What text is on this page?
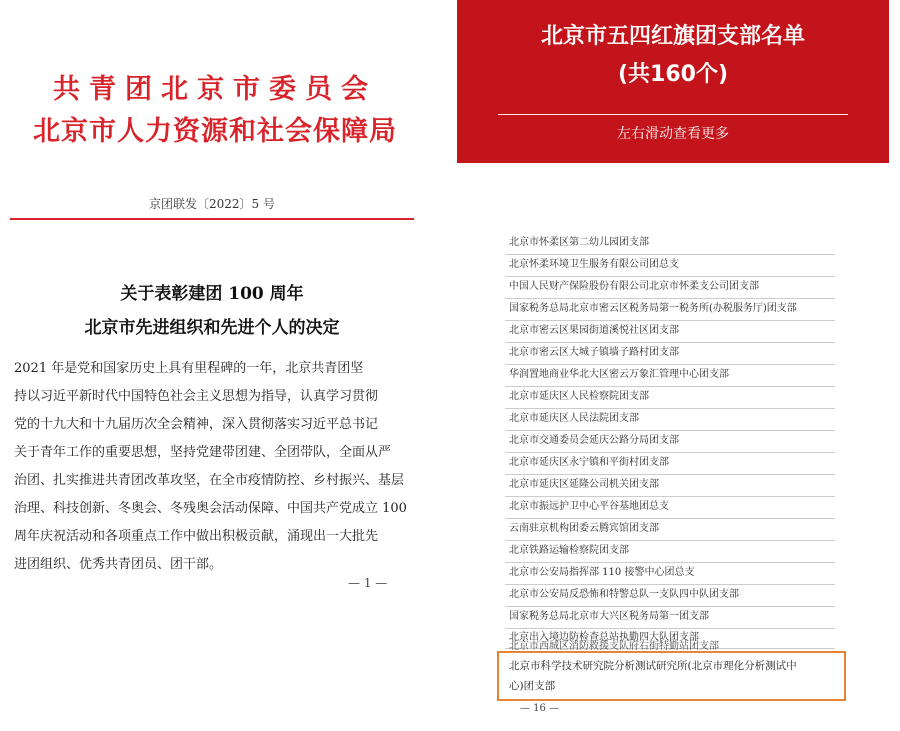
共青团北京市委员会
北京市人力资源和社会保障局
京团联发〔2022〕5 号
关于表彰建团 100 周年
北京市先进组织和先进个人的决定
2021 年是党和国家历史上具有里程碑的一年，北京共青团坚
持以习近平新时代中国特色社会主义思想为指导，认真学习贯彻
党的十九大和十九届历次全会精神，深入贯彻落实习近平总书记
关于青年工作的重要思想，坚持党建带团建、全团带队，全面从严
治团、扎实推进共青团改革攻坚，在全市疫情防控、乡村振兴、基层
治理、科技创新、冬奥会、冬残奥会活动保障、中国共产党成立 100
周年庆祝活动和各项重点工作中做出积极贡献，涌现出一大批先
进团组织、优秀共青团员、团干部。
— 1 —
北京市五四红旗团支部名单
(共160个)
左右滑动查看更多
北京市怀柔区第二幼儿园团支部
北京怀柔环境卫生服务有限公司团总支
中国人民财产保险股份有限公司北京市怀柔支公司团支部
国家税务总局北京市密云区税务局第一税务所(办税服务厅)团支部
北京市密云区果园街道溪悦社区团支部
北京市密云区大城子镇墙子路村团支部
华润置地商业华北大区密云万象汇管理中心团支部
北京市延庆区人民检察院团支部
北京市延庆区人民法院团支部
北京市交通委员会延庆公路分局团支部
北京市延庆区永宁镇和平街村团支部
北京市延庆区延隆公司机关团支部
北京市振远护卫中心平谷基地团总支
云南驻京机构团委云腾宾馆团支部
北京铁路运输检察院团支部
北京市公安局指挥部 110 接警中心团总支
北京市公安局反恐怖和特警总队一支队四中队团支部
国家税务总局北京市大兴区税务局第一团支部
北京出入境边防检查总站执勤四大队团支部
北京市西城区消防救援支队府右街特勤站团支部
北京市科学技术研究院分析测试研究所(北京市理化分析测试中
心)团支部
— 16 —
